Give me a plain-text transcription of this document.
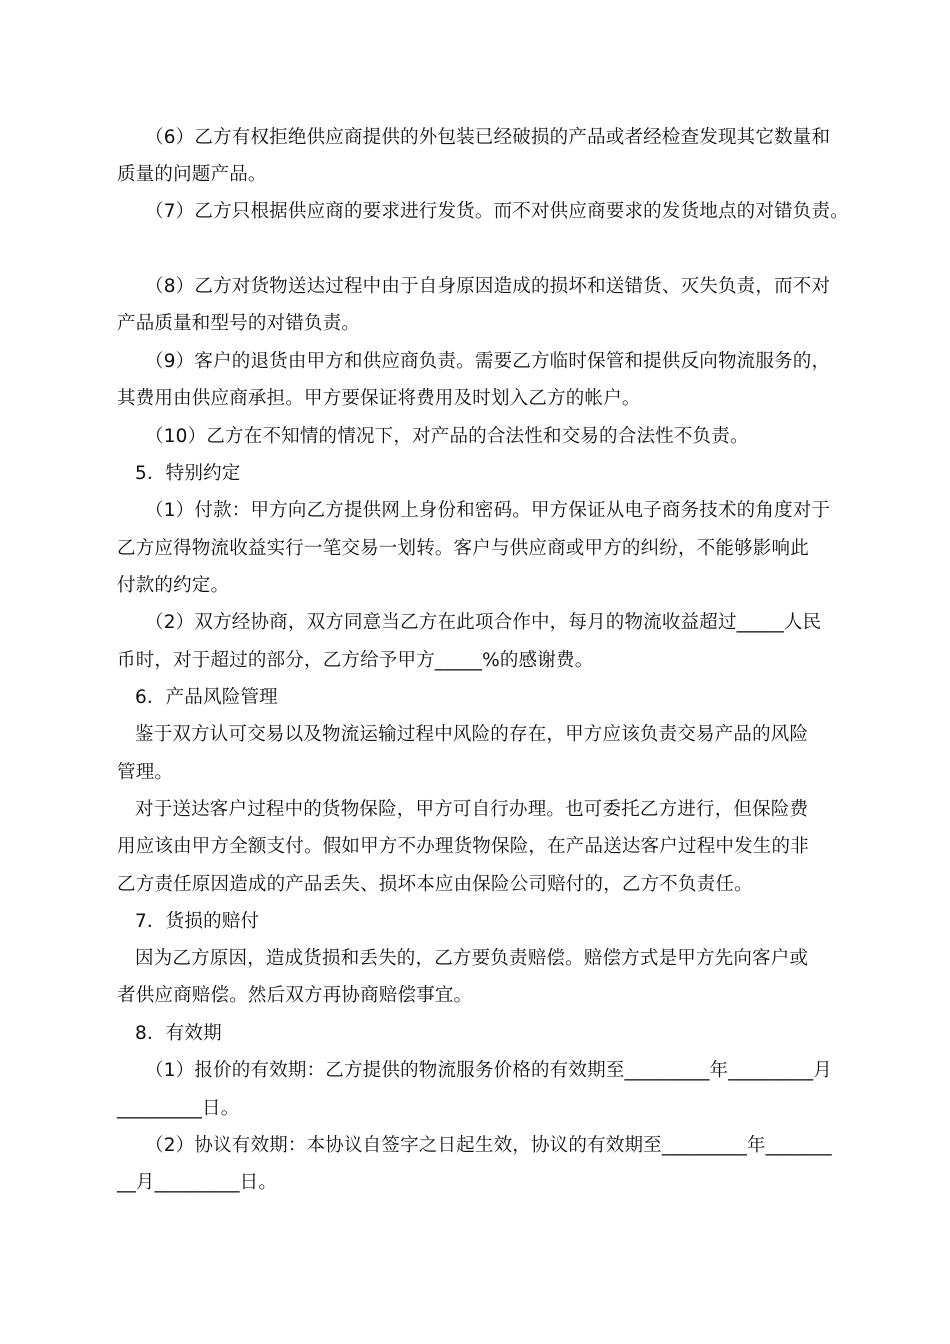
（6）乙方有权拒绝供应商提供的外包装已经破损的产品或者经检查发现其它数量和
质量的问题产品。
（7）乙方只根据供应商的要求进行发货。而不对供应商要求的发货地点的对错负责。
（8）乙方对货物送达过程中由于自身原因造成的损坏和送错货、灭失负责，而不对
产品质量和型号的对错负责。
（9）客户的退货由甲方和供应商负责。需要乙方临时保管和提供反向物流服务的，
其费用由供应商承担。甲方要保证将费用及时划入乙方的帐户。
（10）乙方在不知情的情况下，对产品的合法性和交易的合法性不负责。
5．特别约定
（1）付款：甲方向乙方提供网上身份和密码。甲方保证从电子商务技术的角度对于
乙方应得物流收益实行一笔交易一划转。客户与供应商或甲方的纠纷，不能够影响此
付款的约定。
（2）双方经协商，双方同意当乙方在此项合作中，每月的物流收益超过_____人民
币时，对于超过的部分，乙方给予甲方_____%的感谢费。
6．产品风险管理
鉴于双方认可交易以及物流运输过程中风险的存在，甲方应该负责交易产品的风险
管理。
对于送达客户过程中的货物保险，甲方可自行办理。也可委托乙方进行，但保险费
用应该由甲方全额支付。假如甲方不办理货物保险，在产品送达客户过程中发生的非
乙方责任原因造成的产品丢失、损坏本应由保险公司赔付的，乙方不负责任。
7．货损的赔付
因为乙方原因，造成货损和丢失的，乙方要负责赔偿。赔偿方式是甲方先向客户或
者供应商赔偿。然后双方再协商赔偿事宜。
8．有效期
（1）报价的有效期：乙方提供的物流服务价格的有效期至_________年_________月
_________日。
（2）协议有效期：本协议自签字之日起生效，协议的有效期至_________年_______
__月_________日。
